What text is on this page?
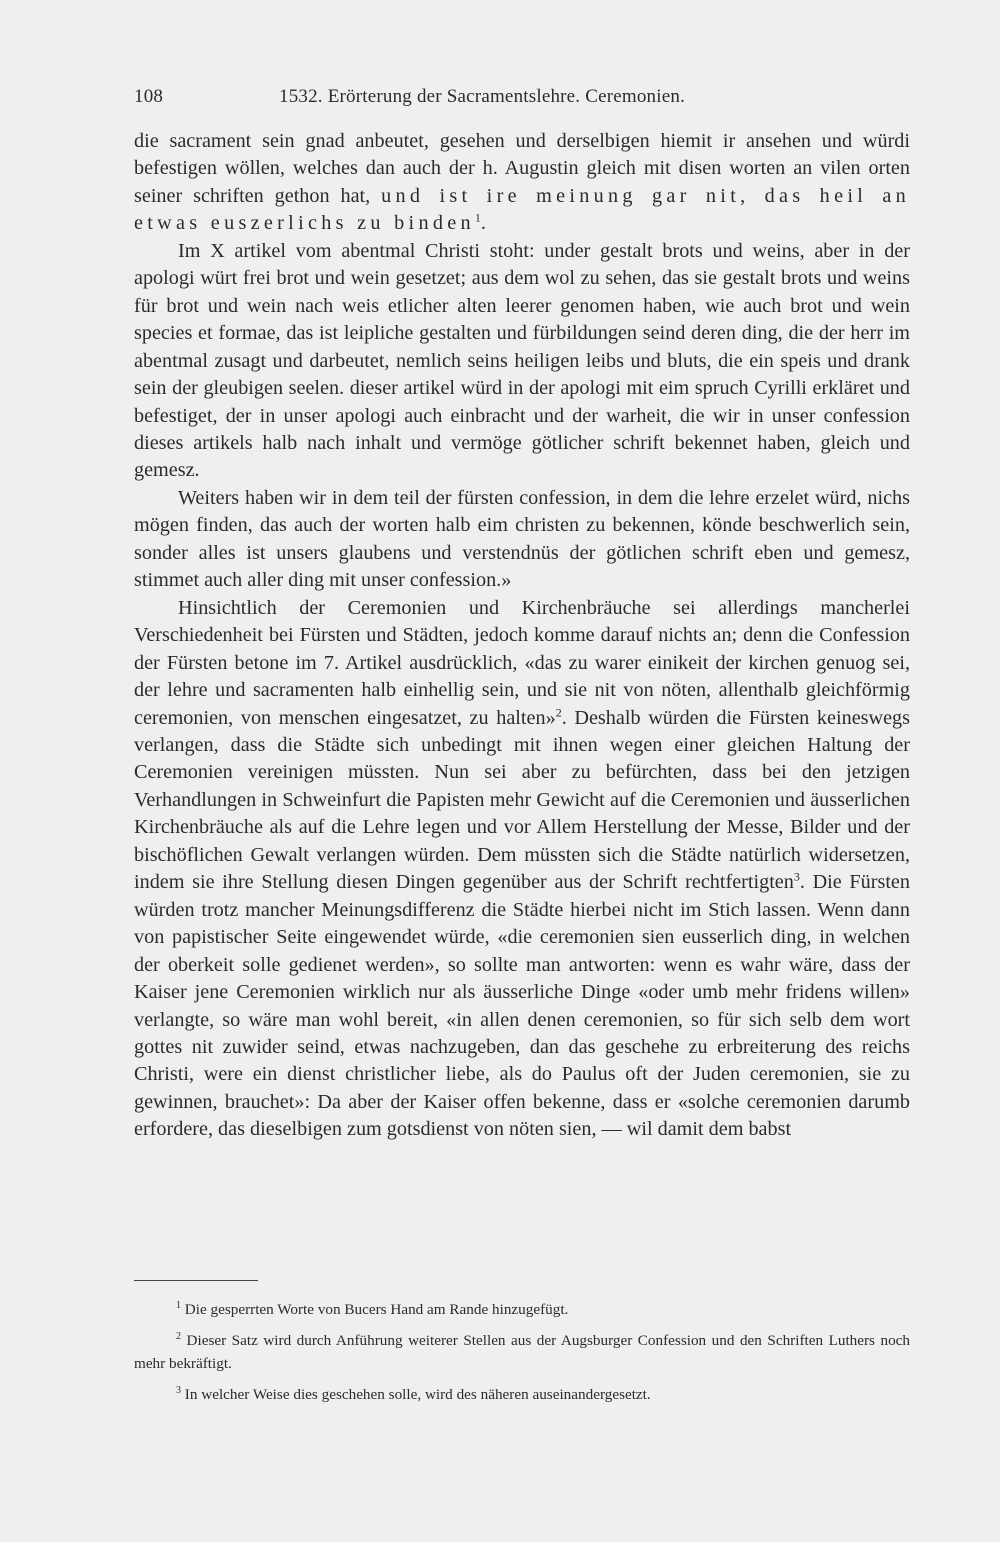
108	1532. Erörterung der Sacramentslehre. Ceremonien.

die sacrament sein gnad anbeutet, gesehen und derselbigen hiemit ir ansehen und würdi befestigen wöllen, welches dan auch der h. Augustin gleich mit disen worten an vilen orten seiner schriften gethon hat, und ist ire meinung gar nit, das heil an etwas euszerlichs zu binden$^1$.

Im X artikel vom abentmal Christi stoht: under gestalt brots und weins, aber in der apologi würt frei brot und wein gesetzet; aus dem wol zu sehen, das sie gestalt brots und weins für brot und wein nach weis etlicher alten leerer genomen haben, wie auch brot und wein species et formae, das ist leipliche gestalten und fürbildungen seind deren ding, die der herr im abentmal zusagt und darbeutet, nemlich seins heiligen leibs und bluts, die ein speis und drank sein der gleubigen seelen. dieser artikel würd in der apologi mit eim spruch Cyrilli erkläret und befestiget, der in unser apologi auch einbracht und der warheit, die wir in unser confession dieses artikels halb nach inhalt und vermöge götlicher schrift bekennet haben, gleich und gemesz.

Weiters haben wir in dem teil der fürsten confession, in dem die lehre erzelet würd, nichs mögen finden, das auch der worten halb eim christen zu bekennen, könde beschwerlich sein, sonder alles ist unsers glaubens und verstendnüs der götlichen schrift eben und gemesz, stimmet auch aller ding mit unser confession.»

Hinsichtlich der Ceremonien und Kirchenbräuche sei allerdings mancherlei Verschiedenheit bei Fürsten und Städten, jedoch komme darauf nichts an; denn die Confession der Fürsten betone im 7. Artikel ausdrücklich, «das zu warer einikeit der kirchen genuog sei, der lehre und sacramenten halb einhellig sein, und sie nit von nöten, allenthalb gleichförmig ceremonien, von menschen eingesatzet, zu halten»$^2$. Deshalb würden die Fürsten keineswegs verlangen, dass die Städte sich unbedingt mit ihnen wegen einer gleichen Haltung der Ceremonien vereinigen müssten. Nun sei aber zu befürchten, dass bei den jetzigen Verhandlungen in Schweinfurt die Papisten mehr Gewicht auf die Ceremonien und äusserlichen Kirchenbräuche als auf die Lehre legen und vor Allem Herstellung der Messe, Bilder und der bischöflichen Gewalt verlangen würden. Dem müssten sich die Städte natürlich widersetzen, indem sie ihre Stellung diesen Dingen gegenüber aus der Schrift rechtfertigten$^3$. Die Fürsten würden trotz mancher Meinungsdifferenz die Städte hierbei nicht im Stich lassen. Wenn dann von papistischer Seite eingewendet würde, «die ceremonien sien eusserlich ding, in welchen der oberkeit solle gedienet werden», so sollte man antworten: wenn es wahr wäre, dass der Kaiser jene Ceremonien wirklich nur als äusserliche Dinge «oder umb mehr fridens willen» verlangte, so wäre man wohl bereit, «in allen denen ceremonien, so für sich selb dem wort gottes nit zuwider seind, etwas nachzugeben, dan das geschehe zu erbreiterung des reichs Christi, were ein dienst christlicher liebe, als do Paulus oft der Juden ceremonien, sie zu gewinnen, brauchet»: Da aber der Kaiser offen bekenne, dass er «solche ceremonien darumb erfordere, das dieselbigen zum gotsdienst von nöten sien, — wil damit dem babst

$^1$ Die gesperrten Worte von Bucers Hand am Rande hinzugefügt.

$^2$ Dieser Satz wird durch Anführung weiterer Stellen aus der Augsburger Confession und den Schriften Luthers noch mehr bekräftigt.

$^3$ In welcher Weise dies geschehen solle, wird des näheren auseinandergesetzt.
